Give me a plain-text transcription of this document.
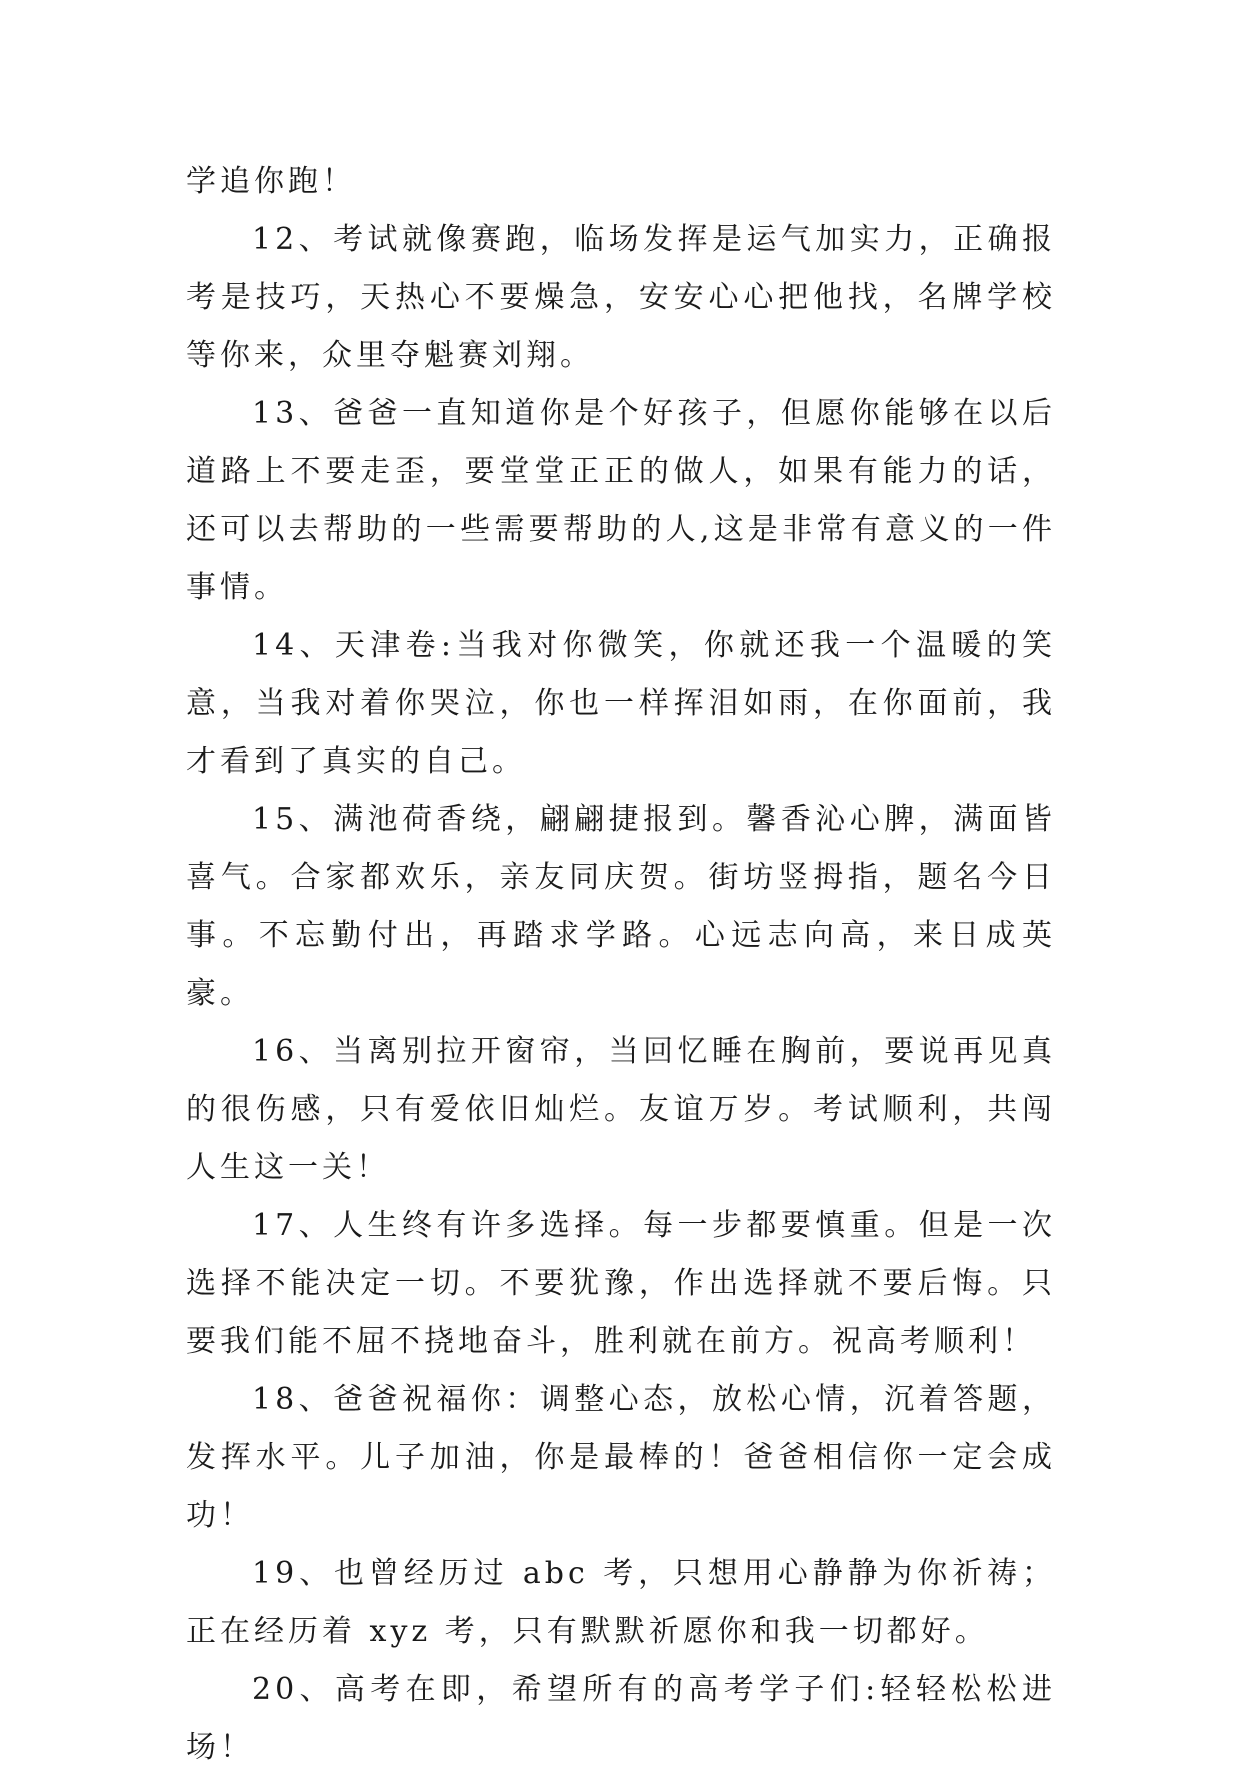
学追你跑！

12、考试就像赛跑，临场发挥是运气加实力，正确报考是技巧，天热心不要燥急，安安心心把他找，名牌学校等你来，众里夺魁赛刘翔。

13、爸爸一直知道你是个好孩子，但愿你能够在以后道路上不要走歪，要堂堂正正的做人，如果有能力的话，还可以去帮助的一些需要帮助的人,这是非常有意义的一件事情。

14、天津卷:当我对你微笑，你就还我一个温暖的笑意，当我对着你哭泣，你也一样挥泪如雨，在你面前，我才看到了真实的自己。

15、满池荷香绕，翩翩捷报到。馨香沁心脾，满面皆喜气。合家都欢乐，亲友同庆贺。街坊竖拇指，题名今日事。不忘勤付出，再踏求学路。心远志向高，来日成英豪。

16、当离别拉开窗帘，当回忆睡在胸前，要说再见真的很伤感，只有爱依旧灿烂。友谊万岁。考试顺利，共闯人生这一关！

17、人生终有许多选择。每一步都要慎重。但是一次选择不能决定一切。不要犹豫，作出选择就不要后悔。只要我们能不屈不挠地奋斗，胜利就在前方。祝高考顺利！

18、爸爸祝福你：调整心态，放松心情，沉着答题，发挥水平。儿子加油，你是最棒的！爸爸相信你一定会成功！

19、也曾经历过 abc 考，只想用心静静为你祈祷；正在经历着 xyz 考，只有默默祈愿你和我一切都好。

20、高考在即，希望所有的高考学子们:轻轻松松进场！
